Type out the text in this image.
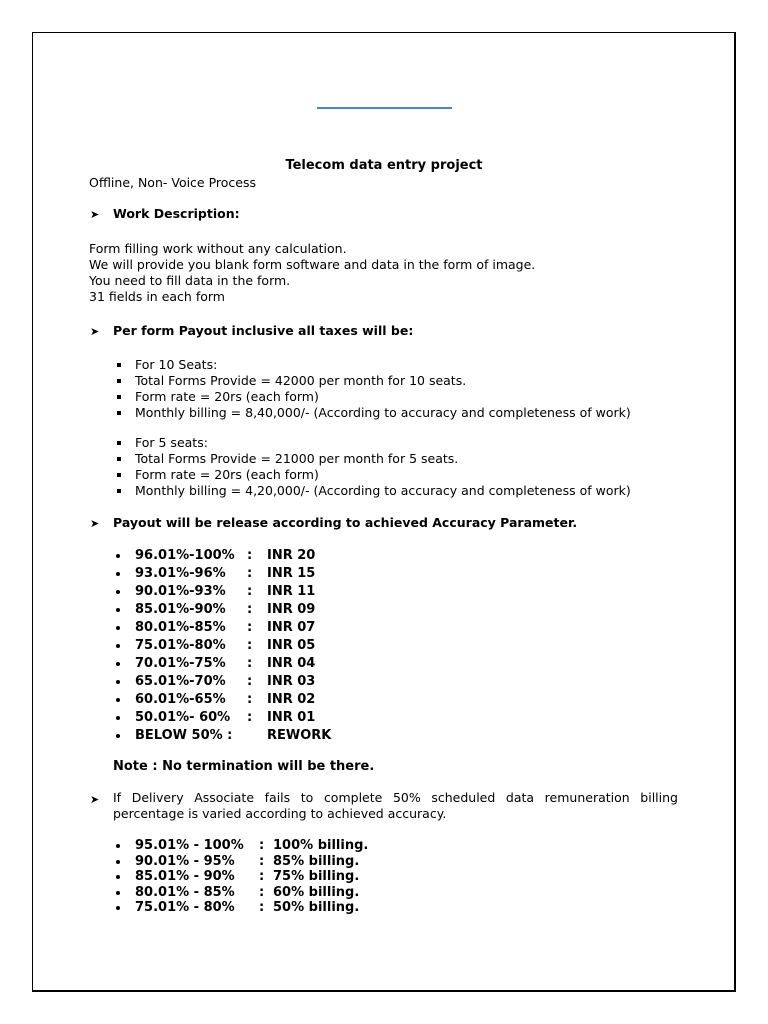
Telecom data entry project
Offline, Non- Voice Process
➤ Work Description:
Form filling work without any calculation.
We will provide you blank form software and data in the form of image.
You need to fill data in the form.
31 fields in each form
➤ Per form Payout inclusive all taxes will be:
For 10 Seats:
Total Forms Provide = 42000 per month for 10 seats.
Form rate = 20rs (each form)
Monthly billing = 8,40,000/- (According to accuracy and completeness of work)
For 5 seats:
Total Forms Provide = 21000 per month for 5 seats.
Form rate = 20rs (each form)
Monthly billing = 4,20,000/- (According to accuracy and completeness of work)
➤ Payout will be release according to achieved Accuracy Parameter.
96.01%-100% : INR 20
93.01%-96% : INR 15
90.01%-93% : INR 11
85.01%-90% : INR 09
80.01%-85% : INR 07
75.01%-80% : INR 05
70.01%-75% : INR 04
65.01%-70% : INR 03
60.01%-65% : INR 02
50.01%- 60% : INR 01
BELOW 50% :	REWORK
Note : No termination will be there.
➤ If Delivery Associate fails to complete 50% scheduled data remuneration billing percentage is varied according to achieved accuracy.
95.01% - 100% : 100% billing.
90.01% - 95% : 85% billing.
85.01% - 90% : 75% billing.
80.01% - 85% : 60% billing.
75.01% - 80% : 50% billing.
